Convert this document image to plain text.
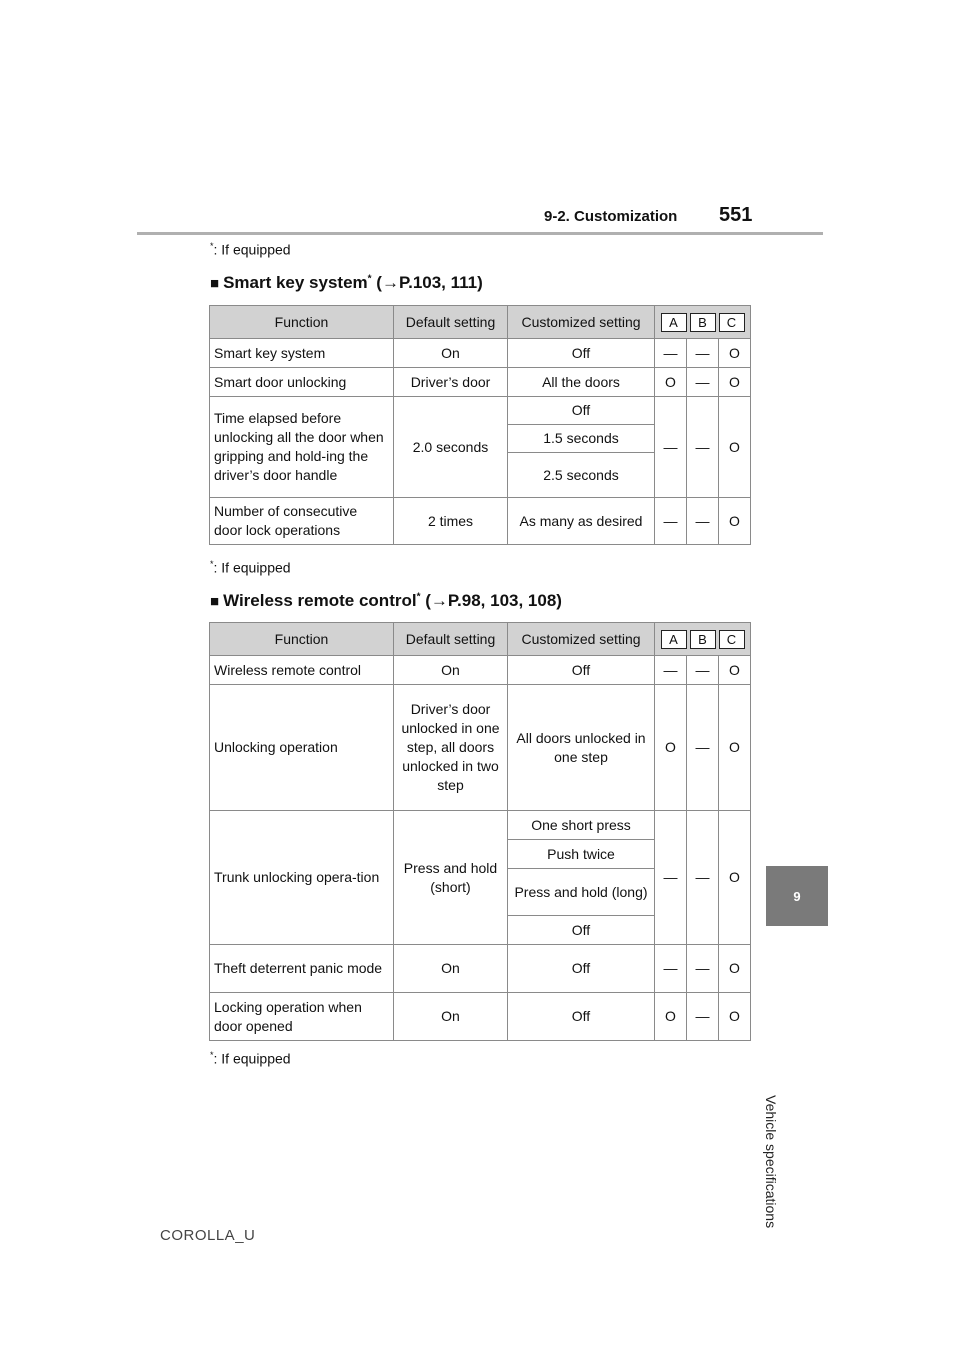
9-2. Customization 551
9
Vehicle specifications
*: If equipped
■ Smart key system* (→P.103, 111)
Function	Default setting	Customized setting	A B C		

Smart key system	On	Off	—	—	O
Smart door unlocking	Driver’s door	All the doors	O	—	O
Time elapsed before unlocking all the door when gripping and hold-ing the driver’s door handle	2.0 seconds	Off	—	—	O
		1.5 seconds			
		2.5 seconds			
Number of consecutive door lock operations	2 times	As many as desired	—	—	O
*: If equipped
■ Wireless remote control* (→P.98, 103, 108)
Function	Default setting	Customized setting	A B C		

Wireless remote control	On	Off	—	—	O
Unlocking operation	Driver’s door unlocked in one step, all doors unlocked in two step	All doors unlocked in one step	O	—	O
Trunk unlocking opera-tion	Press and hold (short)	One short press	—	—	O
		Push twice			
		Press and hold (long)			
		Off			
Theft deterrent panic mode	On	Off	—	—	O
Locking operation when door opened	On	Off	O	—	O
*: If equipped
COROLLA_U
